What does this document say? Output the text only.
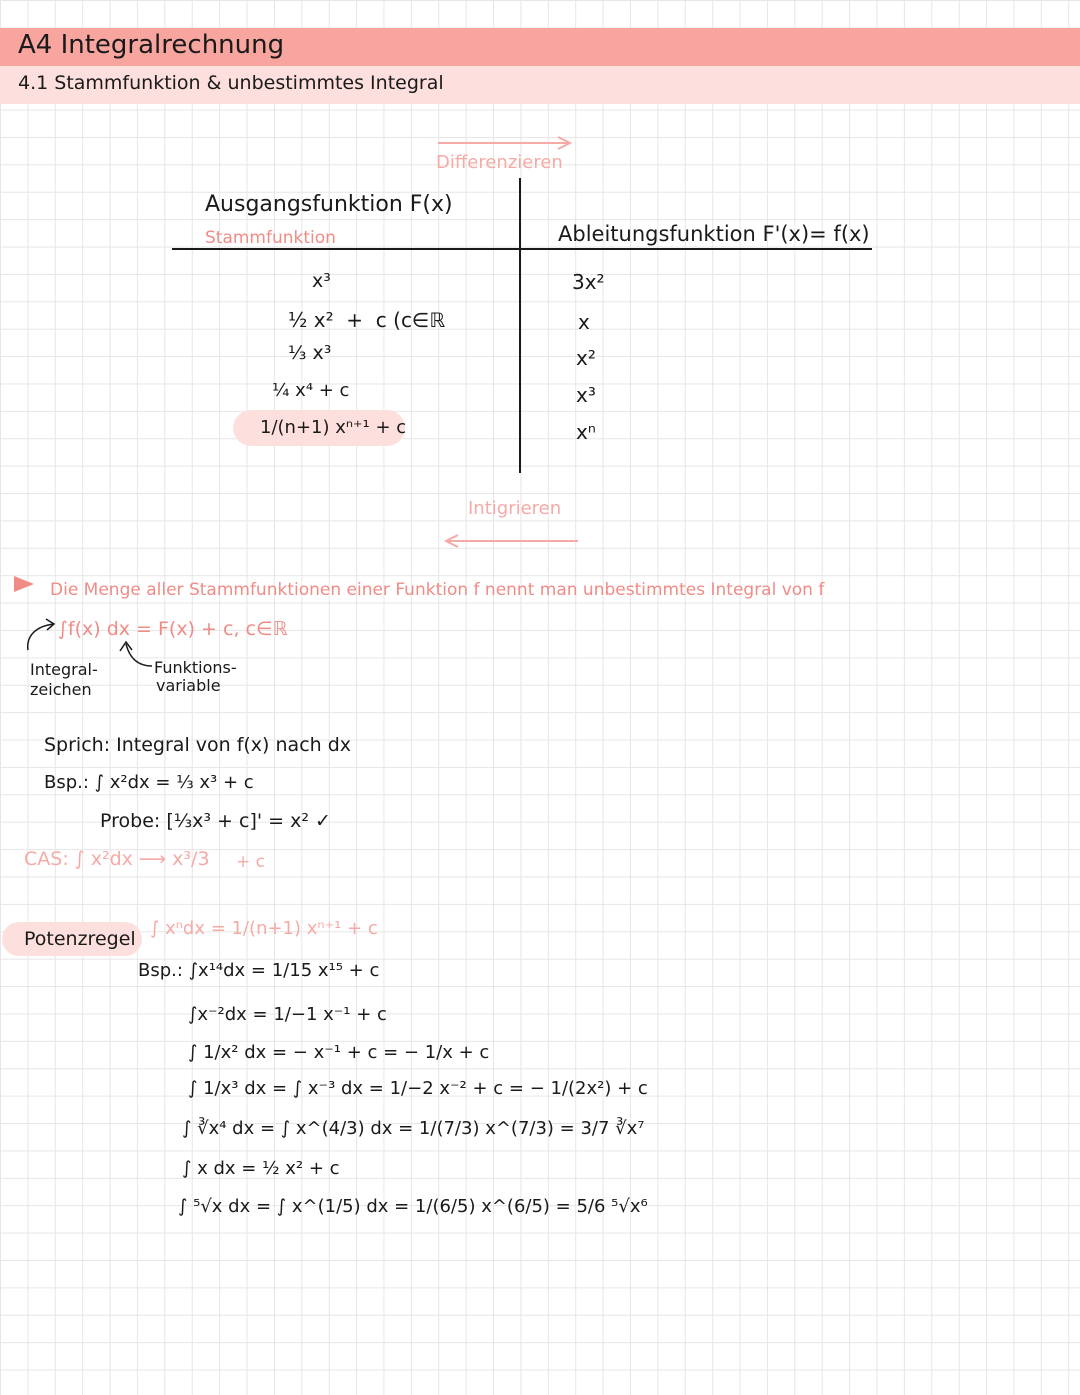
A4 Integralrechnung
4.1 Stammfunktion & unbestimmtes Integral
Differenzieren
Ausgangsfunktion F(x)
Stammfunktion	Ableitungsfunktion F'(x)= f(x)
x³
½ x²  +  c (c∈ℝ
⅓ x³
¼ x⁴ + c
1/(n+1) xⁿ⁺¹ + c
3x²
x
x²
x³
xⁿ
Intigrieren
Die Menge aller Stammfunktionen einer Funktion f nennt man unbestimmtes Integral von f
∫f(x) dx = F(x) + c, c∈ℝ
Integral-
zeichen
Funktions-
variable
Sprich: Integral von f(x) nach dx
Bsp.: ∫ x²dx = ⅓ x³ + c
Probe: [⅓x³ + c]' = x² ✓
CAS: ∫ x²dx ⟶ x³/3 + c
Potenzregel ∫ xⁿdx = 1/(n+1) xⁿ⁺¹ + c
Bsp.: ∫x¹⁴dx = 1/15 x¹⁵ + c
∫x⁻²dx = 1/−1 x⁻¹ + c
∫ 1/x² dx = − x⁻¹ + c = − 1/x + c
∫ 1/x³ dx = ∫ x⁻³ dx = 1/−2 x⁻² + c = − 1/(2x²) + c
∫ ∛x⁴ dx = ∫ x^(4/3) dx = 1/(7/3) x^(7/3) = 3/7 ∛x⁷
∫ x dx = ½ x² + c
∫ ⁵√x dx = ∫ x^(1/5) dx = 1/(6/5) x^(6/5) = 5/6 ⁵√x⁶
